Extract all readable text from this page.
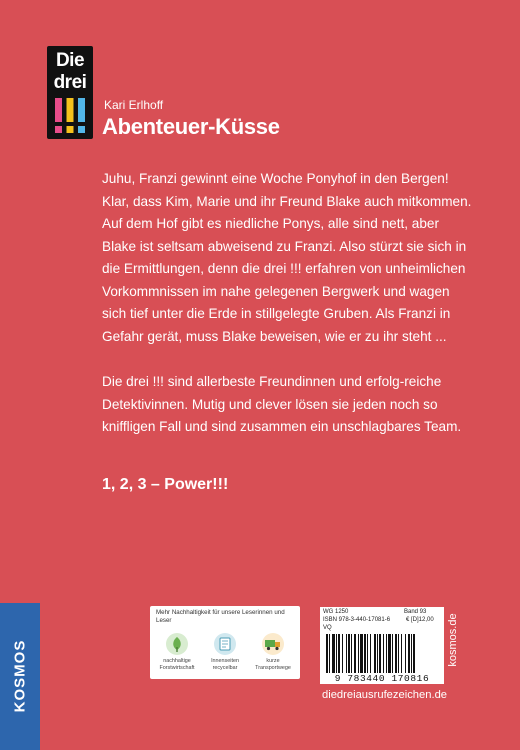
Die
drei
Kari Erlhoff
Abenteuer-Küsse

Juhu, Franzi gewinnt eine Woche Ponyhof in den Bergen! Klar, dass Kim, Marie und ihr Freund Blake auch mitkommen. Auf dem Hof gibt es niedliche Ponys, alle sind nett, aber Blake ist seltsam abweisend zu Franzi. Also stürzt sie sich in die Ermittlungen, denn die drei !!! erfahren von unheimlichen Vorkommnissen im nahe gelegenen Bergwerk und wagen sich tief unter die Erde in stillgelegte Gruben. Als Franzi in Gefahr gerät, muss Blake beweisen, wie er zu ihr steht ...

Die drei !!! sind allerbeste Freundinnen und erfolg-reiche Detektivinnen. Mutig und clever lösen sie jeden noch so kniffligen Fall und sind zusammen ein unschlagbares Team.

1, 2, 3 – Power!!!
KOSMOS
Mehr Nachhaltigkeit für unsere Leserinnen und Leser
nachhaltige Forstwirtschaft
Innenseiten recycelbar
kurze Transportwege
WG 1250
ISBN 978-3-440-17081-6
VQ
Band 93
€ [D]12,00
9 783440 170816
kosmos.de
diedreiausrufezeichen.de
